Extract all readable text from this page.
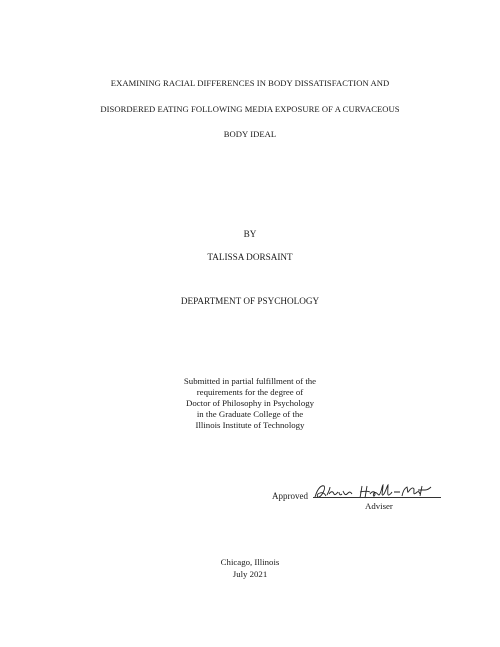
EXAMINING RACIAL DIFFERENCES IN BODY DISSATISFACTION AND
DISORDERED EATING FOLLOWING MEDIA EXPOSURE OF A CURVACEOUS
BODY IDEAL
BY
TALISSA DORSAINT
DEPARTMENT OF PSYCHOLOGY
Submitted in partial fulfillment of the
requirements for the degree of
Doctor of Philosophy in Psychology
in the Graduate College of the
Illinois Institute of Technology
Approved
Adviser
Chicago, Illinois
July 2021
